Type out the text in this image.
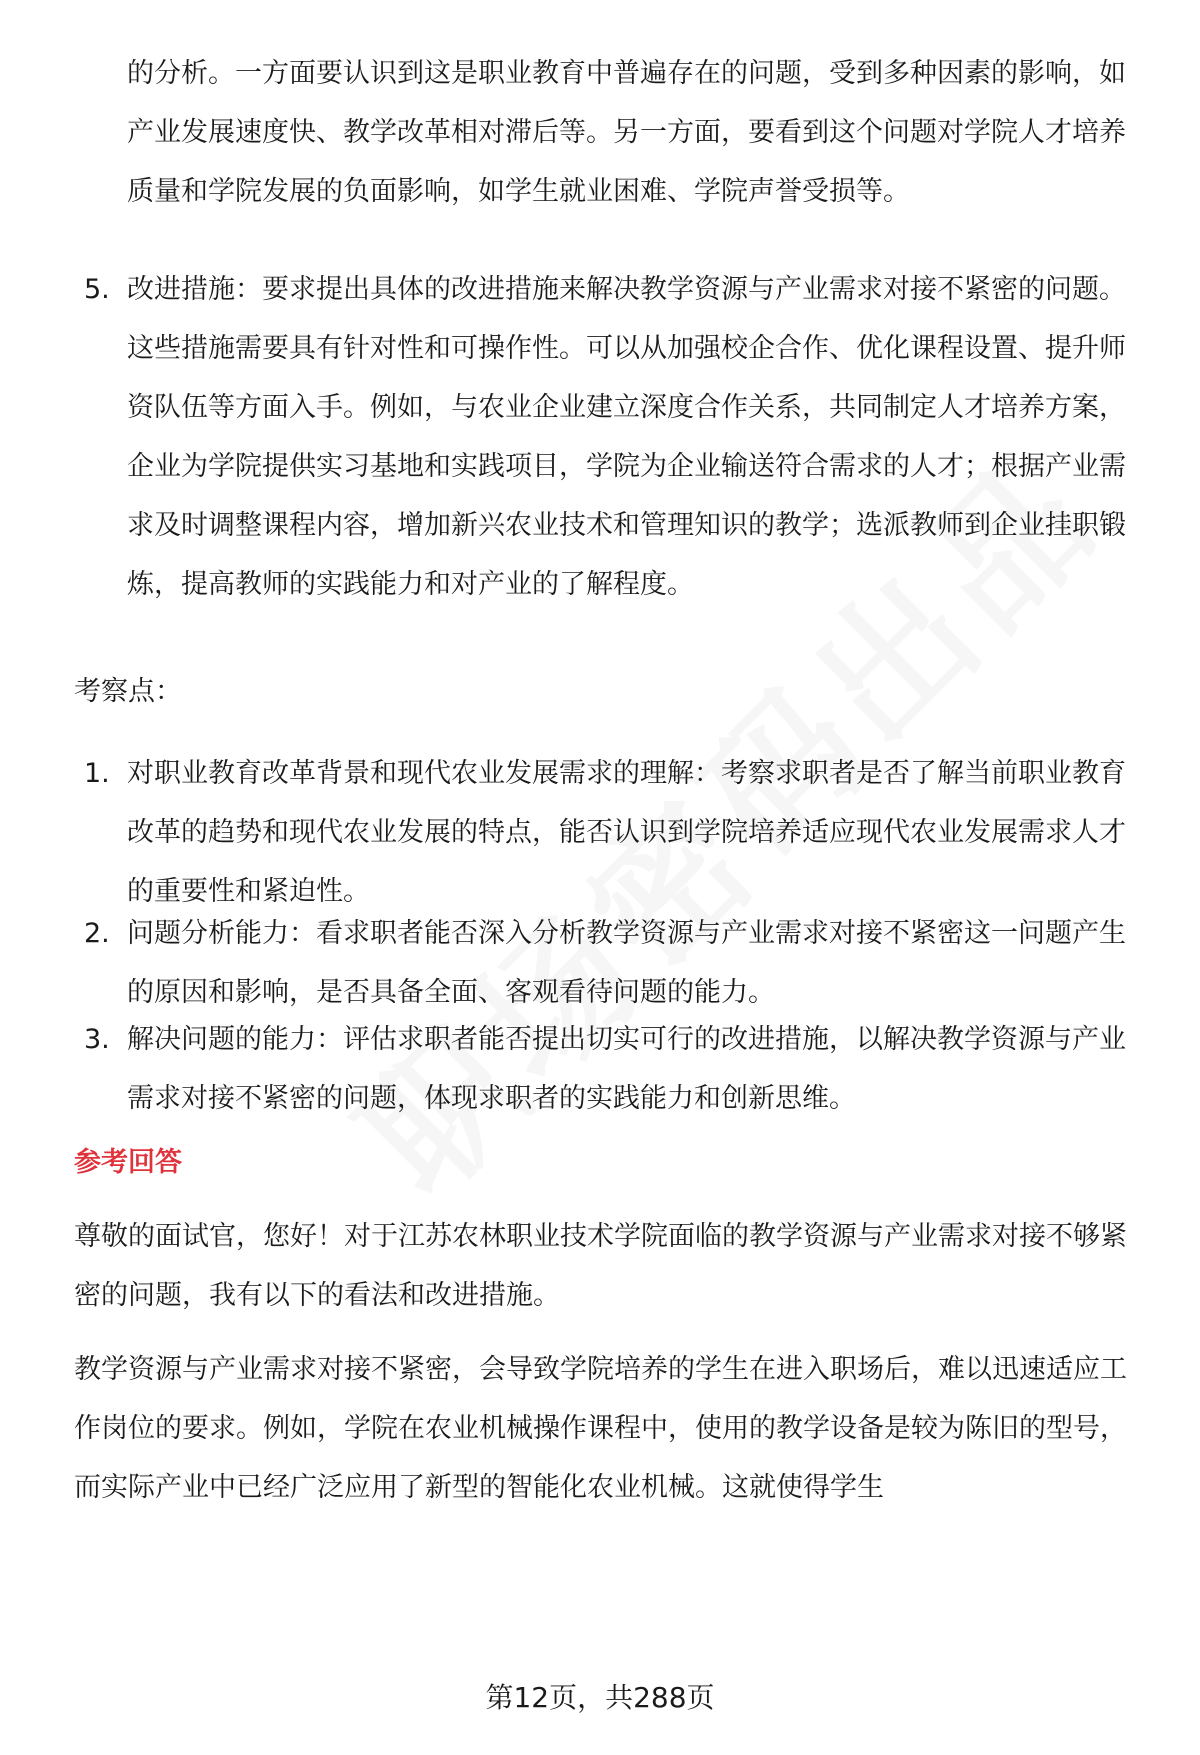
的分析。一方面要认识到这是职业教育中普遍存在的问题，受到多种因素的影响，如产业发展速度快、教学改革相对滞后等。另一方面，要看到这个问题对学院人才培养质量和学院发展的负面影响，如学生就业困难、学院声誉受损等。
5. 改进措施：要求提出具体的改进措施来解决教学资源与产业需求对接不紧密的问题。这些措施需要具有针对性和可操作性。可以从加强校企合作、优化课程设置、提升师资队伍等方面入手。例如，与农业企业建立深度合作关系，共同制定人才培养方案，企业为学院提供实习基地和实践项目，学院为企业输送符合需求的人才；根据产业需求及时调整课程内容，增加新兴农业技术和管理知识的教学；选派教师到企业挂职锻炼，提高教师的实践能力和对产业的了解程度。
考察点：
1. 对职业教育改革背景和现代农业发展需求的理解：考察求职者是否了解当前职业教育改革的趋势和现代农业发展的特点，能否认识到学院培养适应现代农业发展需求人才的重要性和紧迫性。
2. 问题分析能力：看求职者能否深入分析教学资源与产业需求对接不紧密这一问题产生的原因和影响，是否具备全面、客观看待问题的能力。
3. 解决问题的能力：评估求职者能否提出切实可行的改进措施，以解决教学资源与产业需求对接不紧密的问题，体现求职者的实践能力和创新思维。
参考回答
尊敬的面试官，您好！对于江苏农林职业技术学院面临的教学资源与产业需求对接不够紧密的问题，我有以下的看法和改进措施。
教学资源与产业需求对接不紧密，会导致学院培养的学生在进入职场后，难以迅速适应工作岗位的要求。例如，学院在农业机械操作课程中，使用的教学设备是较为陈旧的型号，而实际产业中已经广泛应用了新型的智能化农业机械。这就使得学生
第12页，共288页
